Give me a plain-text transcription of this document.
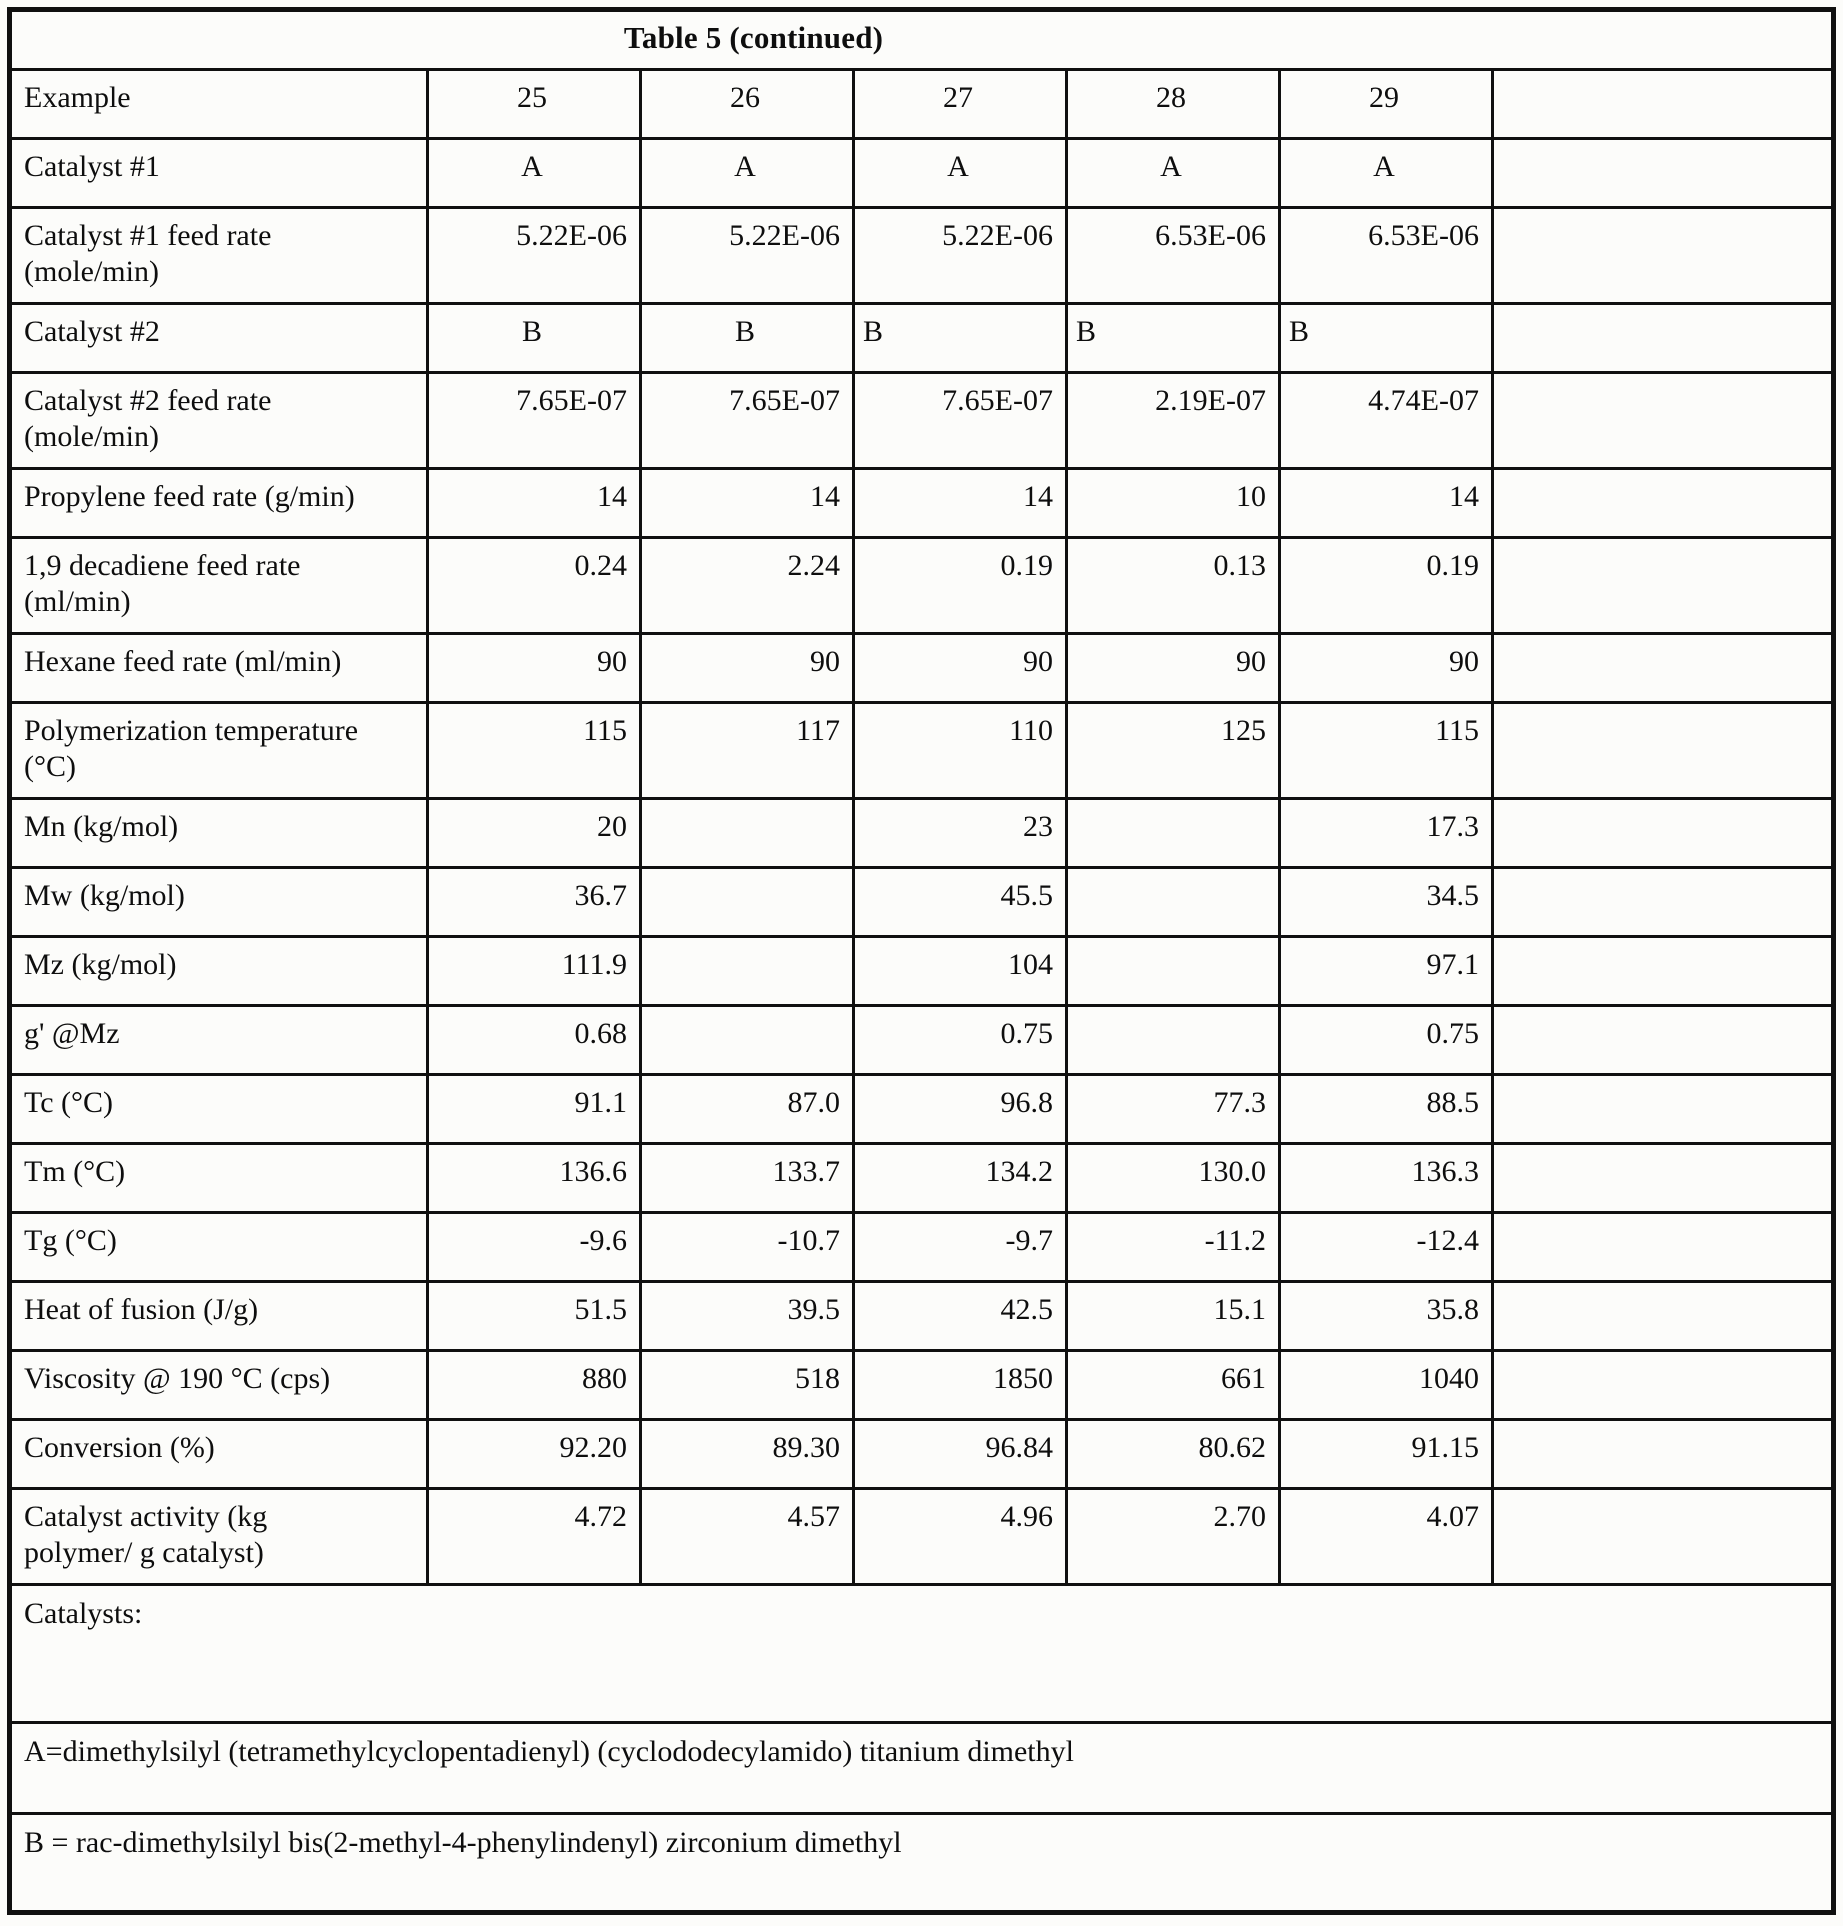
Table 5 (continued)						

Example	25	26	27	28	29	
Catalyst #1	A	A	A	A	A	
Catalyst #1 feed rate
(mole/min)	5.22E-06	5.22E-06	5.22E-06	6.53E-06	6.53E-06	
Catalyst #2	B	B	B	B	B	
Catalyst #2 feed rate
(mole/min)	7.65E-07	7.65E-07	7.65E-07	2.19E-07	4.74E-07	
Propylene feed rate (g/min)	14	14	14	10	14	
1,9 decadiene feed rate
(ml/min)	0.24	2.24	0.19	0.13	0.19	
Hexane feed rate (ml/min)	90	90	90	90	90	
Polymerization temperature
(°C)	115	117	110	125	115	
Mn (kg/mol)	20		23		17.3	
Mw (kg/mol)	36.7		45.5		34.5	
Mz (kg/mol)	111.9		104		97.1	
g' @Mz	0.68		0.75		0.75	
Tc (°C)	91.1	87.0	96.8	77.3	88.5	
Tm (°C)	136.6	133.7	134.2	130.0	136.3	
Tg (°C)	-9.6	-10.7	-9.7	-11.2	-12.4	
Heat of fusion (J/g)	51.5	39.5	42.5	15.1	35.8	
Viscosity @ 190 °C (cps)	880	518	1850	661	1040	
Conversion (%)	92.20	89.30	96.84	80.62	91.15	
Catalyst activity (kg
polymer/ g catalyst)	4.72	4.57	4.96	2.70	4.07	
Catalysts:						
A=dimethylsilyl (tetramethylcyclopentadienyl) (cyclododecylamido) titanium dimethyl						
B = rac-dimethylsilyl bis(2-methyl-4-phenylindenyl) zirconium dimethyl						
